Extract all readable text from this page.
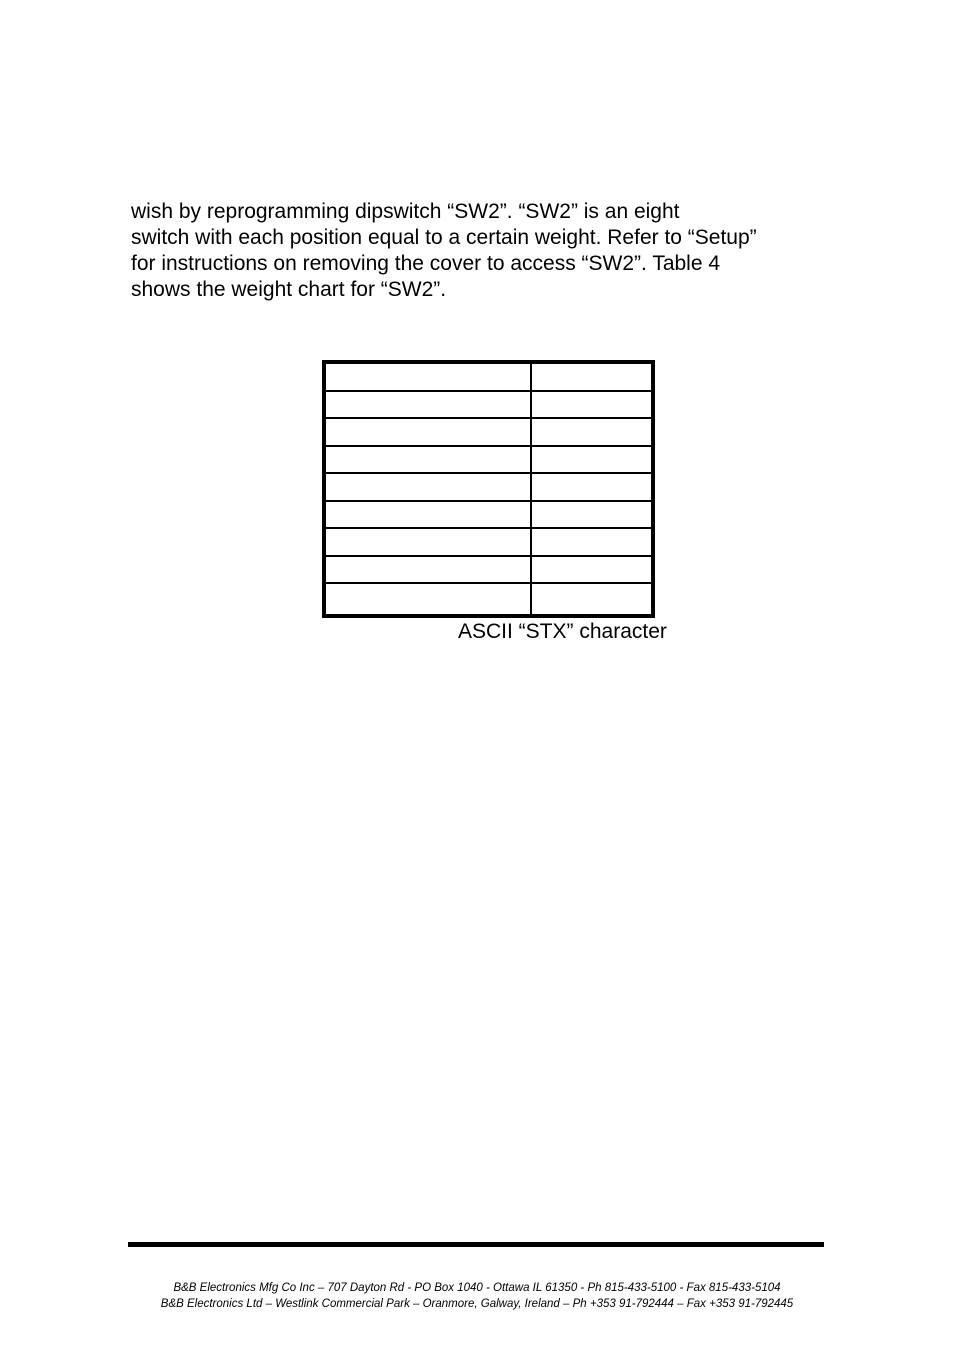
wish by reprogramming dipswitch “SW2”. “SW2” is an eight
switch with each position equal to a certain weight. Refer to “Setup”
for instructions on removing the cover to access “SW2”. Table 4
shows the weight chart for “SW2”.
ASCII “STX” character
B&B Electronics Mfg Co Inc – 707 Dayton Rd - PO Box 1040 - Ottawa IL 61350 - Ph 815-433-5100 - Fax 815-433-5104
B&B Electronics Ltd – Westlink Commercial Park – Oranmore, Galway, Ireland – Ph +353 91-792444 – Fax +353 91-792445
